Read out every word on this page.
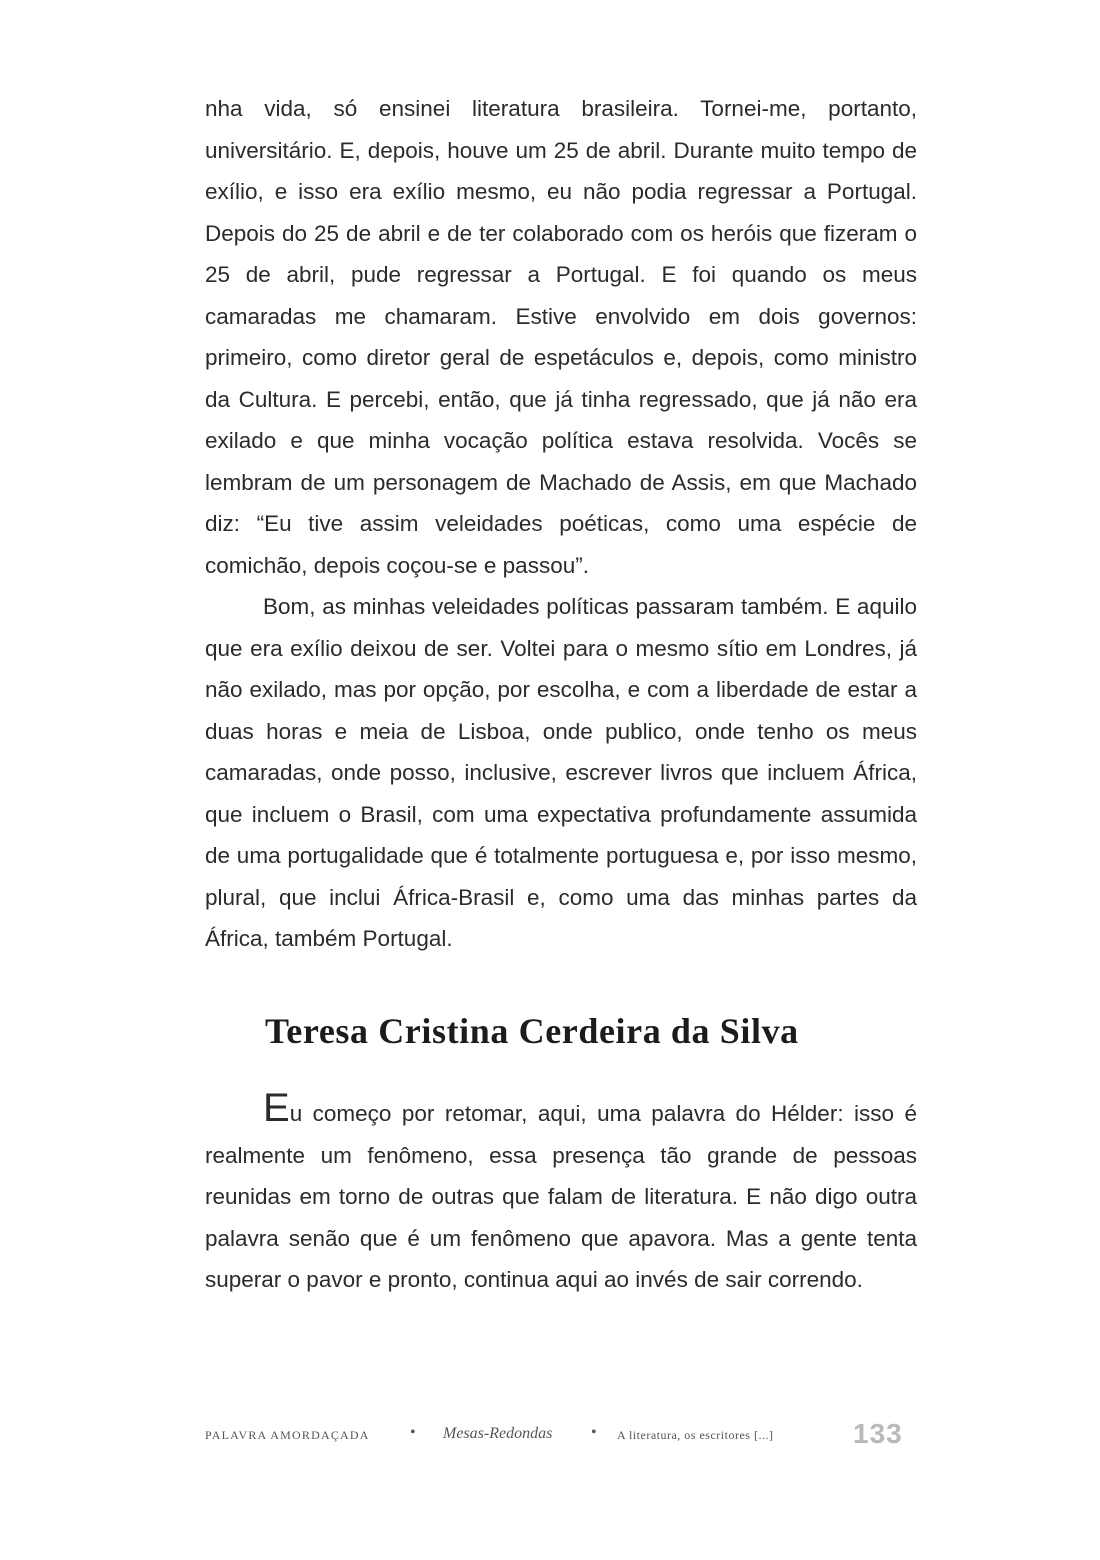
nha vida, só ensinei literatura brasileira. Tornei-me, portanto, universitário. E, depois, houve um 25 de abril. Durante muito tempo de exílio, e isso era exílio mesmo, eu não podia regressar a Portugal. Depois do 25 de abril e de ter colaborado com os heróis que fizeram o 25 de abril, pude regressar a Portugal. E foi quando os meus camaradas me chamaram. Estive envolvido em dois governos: primeiro, como diretor geral de espetáculos e, depois, como ministro da Cultura. E percebi, então, que já tinha regressado, que já não era exilado e que minha vocação política estava resolvida. Vocês se lembram de um personagem de Machado de Assis, em que Machado diz: “Eu tive assim veleidades poéticas, como uma espécie de comichão, depois coçou-se e passou”.

Bom, as minhas veleidades políticas passaram também. E aquilo que era exílio deixou de ser. Voltei para o mesmo sítio em Londres, já não exilado, mas por opção, por escolha, e com a liberdade de estar a duas horas e meia de Lisboa, onde publico, onde tenho os meus camaradas, onde posso, inclusive, escrever livros que incluem África, que incluem o Brasil, com uma expectativa profundamente assumida de uma portugalidade que é totalmente portuguesa e, por isso mesmo, plural, que inclui África-Brasil e, como uma das minhas partes da África, também Portugal.

Teresa Cristina Cerdeira da Silva

Eu começo por retomar, aqui, uma palavra do Hélder: isso é realmente um fenômeno, essa presença tão grande de pessoas reunidas em torno de outras que falam de literatura. E não digo outra palavra senão que é um fenômeno que apavora. Mas a gente tenta superar o pavor e pronto, continua aqui ao invés de sair correndo.

PALAVRA AMORDAÇADA	• Mesas-Redondas • A literatura, os escritores [...]	133
